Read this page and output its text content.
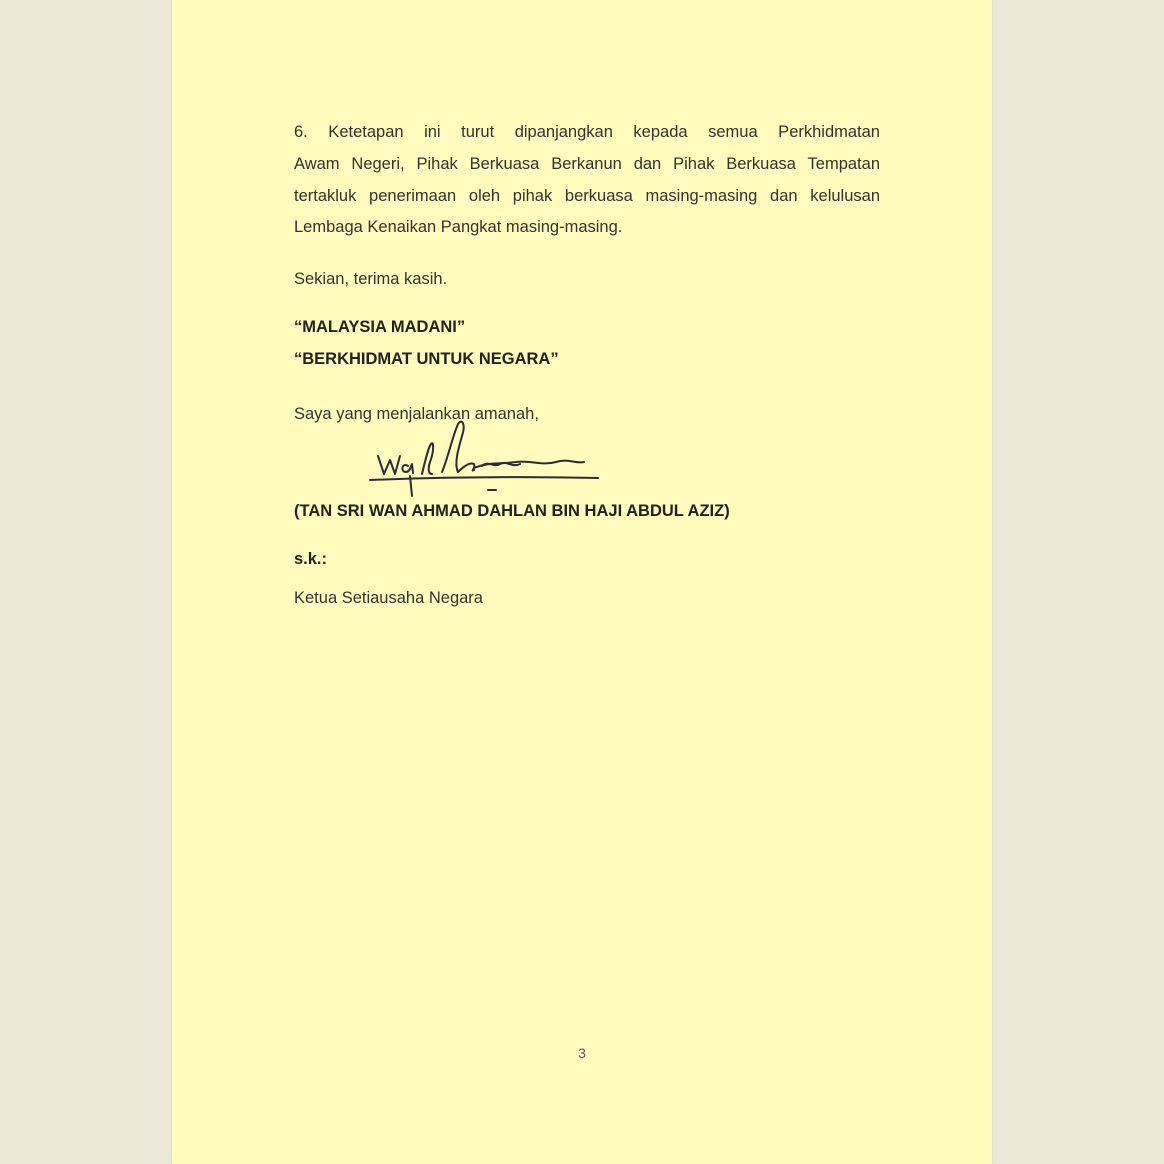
6. Ketetapan ini turut dipanjangkan kepada semua Perkhidmatan
Awam Negeri, Pihak Berkuasa Berkanun dan Pihak Berkuasa Tempatan
tertakluk penerimaan oleh pihak berkuasa masing-masing dan kelulusan
Lembaga Kenaikan Pangkat masing-masing.
Sekian, terima kasih.
“MALAYSIA MADANI”
“BERKHIDMAT UNTUK NEGARA”
Saya yang menjalankan amanah,
(TAN SRI WAN AHMAD DAHLAN BIN HAJI ABDUL AZIZ)
s.k.:
Ketua Setiausaha Negara
3
